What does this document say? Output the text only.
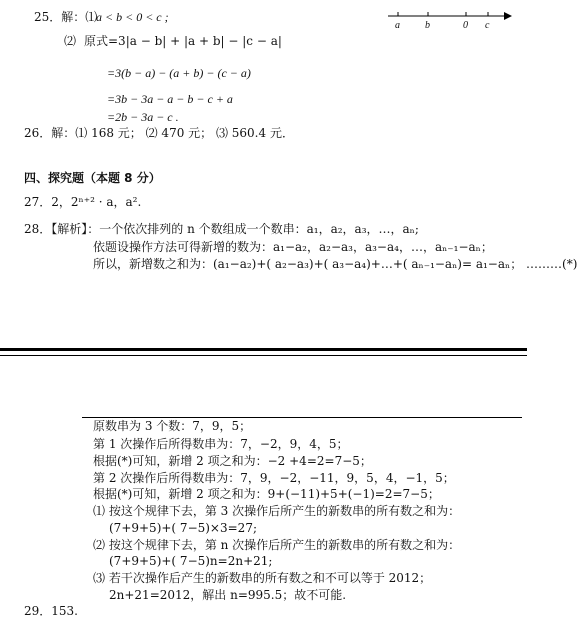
25．解：⑴
a < b < 0 < c ;
⑵ 原式=3|a − b| + |a + b| − |c − a|
=3(b − a) − (a + b) − (c − a)
=3b − 3a − a − b − c + a
=2b − 3a − c .
a	b	0 c
26．解：⑴ 168 元； ⑵ 470 元； ⑶ 560.4 元．
四、探究题（本题 8 分）
27．2，2ⁿ⁺² · a，a².
28．【解析】：一个依次排列的 n 个数组成一个数串：a₁，a₂，a₃，…，aₙ;
依题设操作方法可得新增的数为：a₁−a₂，a₂−a₃，a₃−a₄，…，aₙ₋₁−aₙ；
所以，新增数之和为：(a₁−a₂)+( a₂−a₃)+( a₃−a₄)+…+( aₙ₋₁−aₙ)= a₁−aₙ； ………(*)
原数串为 3 个数：7，9，5；
第 1 次操作后所得数串为：7，−2，9，4，5；
根据(*)可知，新增 2 项之和为：−2 +4=2=7−5；
第 2 次操作后所得数串为：7，9，−2，−11，9，5，4，−1，5；
根据(*)可知，新增 2 项之和为：9+(−11)+5+(−1)=2=7−5；
⑴ 按这个规律下去，第 3 次操作后所产生的新数串的所有数之和为：
(7+9+5)+( 7−5)×3=27;
⑵ 按这个规律下去，第 n 次操作后所产生的新数串的所有数之和为：
(7+9+5)+( 7−5)n=2n+21;
⑶ 若干次操作后产生的新数串的所有数之和不可以等于 2012；
2n+21=2012，解出 n=995.5；故不可能.
29．153.
